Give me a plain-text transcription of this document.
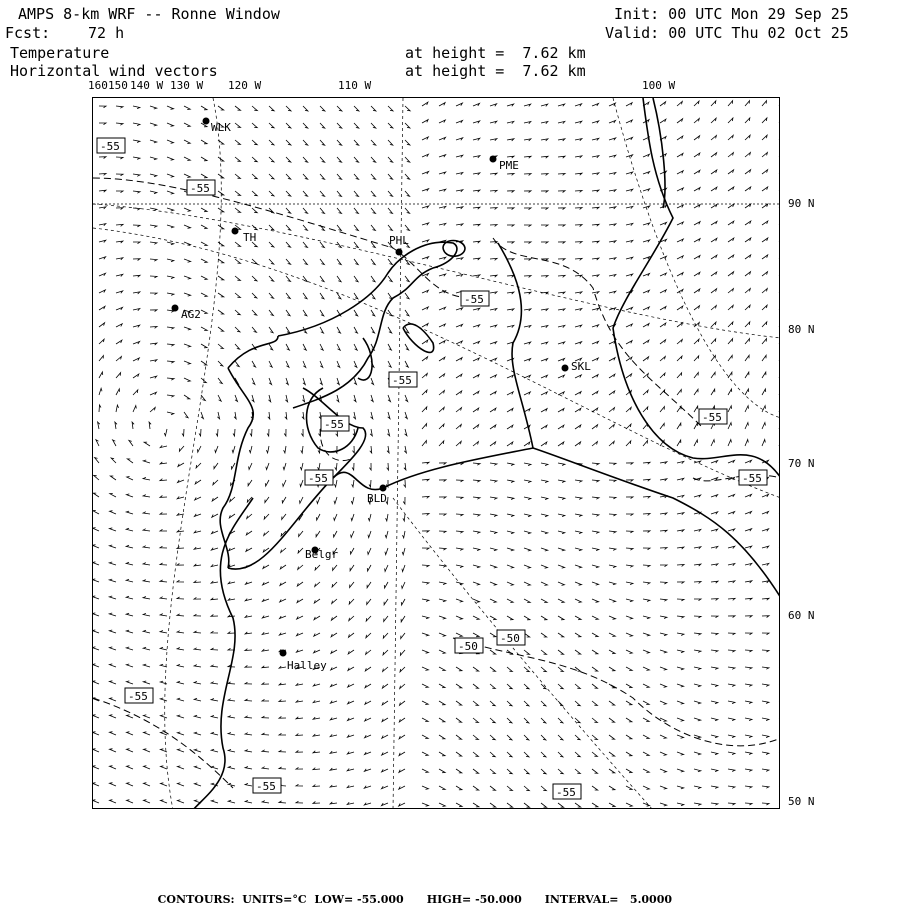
AMPS 8-km WRF -- Ronne Window
Fcst:	72 h
Temperature
Horizontal wind vectors
at height =  7.62 km
at height =  7.62 km
Init: 00 UTC Mon 29 Sep 25
Valid: 00 UTC Thu 02 Oct 25
160 150 140 W 130 W 120 W	110 W	100 W
90 N
80 N
70 N
60 N
50 N
WLK
PME
TH	PHL
AG2
SKL
BLD
Belgr
Halley
-55
-55
-55
-55
-55
-55
-55
-55
-50
-50
-55
-55	-55

CONTOURS: UNITS=°C LOW= -55.000 HIGH= -50.000 INTERVAL= 5.0000
